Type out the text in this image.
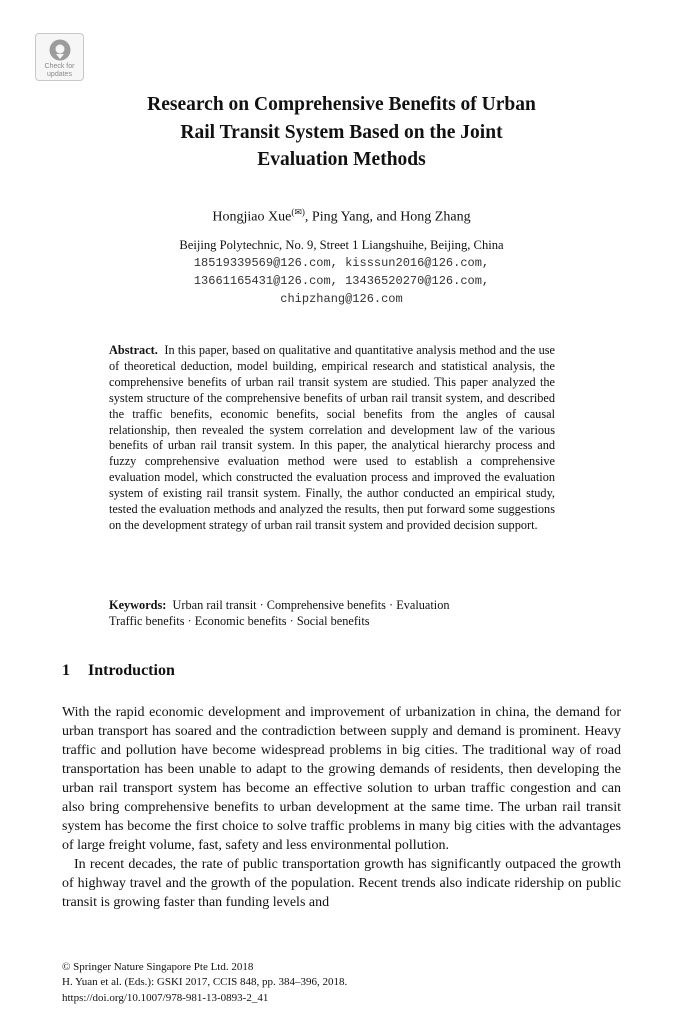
Check for
updates
Research on Comprehensive Benefits of Urban
Rail Transit System Based on the Joint
Evaluation Methods
Hongjiao Xue(✉), Ping Yang, and Hong Zhang
Beijing Polytechnic, No. 9, Street 1 Liangshuihe, Beijing, China
18519339569@126.com, kisssun2016@126.com,
13661165431@126.com, 13436520270@126.com,
chipzhang@126.com

Abstract. In this paper, based on qualitative and quantitative analysis method and the use of theoretical deduction, model building, empirical research and statistical analysis, the comprehensive benefits of urban rail transit system are studied. This paper analyzed the system structure of the comprehensive benefits of urban rail transit system, and described the traffic benefits, economic benefits, social benefits from the angles of causal relationship, then revealed the system correlation and development law of the various benefits of urban rail transit system. In this paper, the analytical hierarchy process and fuzzy comprehensive evaluation method were used to establish a comprehensive evaluation model, which constructed the evaluation process and improved the evaluation system of existing rail transit system. Finally, the author conducted an empirical study, tested the evaluation methods and analyzed the results, then put forward some suggestions on the development strategy of urban rail transit system and provided decision support.

Keywords: Urban rail transit · Comprehensive benefits · Evaluation
Traffic benefits · Economic benefits · Social benefits
1 Introduction

With the rapid economic development and improvement of urbanization in china, the demand for urban transport has soared and the contradiction between supply and demand is prominent. Heavy traffic and pollution have become widespread problems in big cities. The traditional way of road transportation has been unable to adapt to the growing demands of residents, then developing the urban rail transport system has become an effective solution to urban traffic congestion and can also bring comprehensive benefits to urban development at the same time. The urban rail transit system has become the first choice to solve traffic problems in many big cities with the advantages of large freight volume, fast, safety and less environmental pollution.

In recent decades, the rate of public transportation growth has significantly outpaced the growth of highway travel and the growth of the population. Recent trends also indicate ridership on public transit is growing faster than funding levels and

© Springer Nature Singapore Pte Ltd. 2018
H. Yuan et al. (Eds.): GSKI 2017, CCIS 848, pp. 384–396, 2018.
https://doi.org/10.1007/978-981-13-0893-2_41
